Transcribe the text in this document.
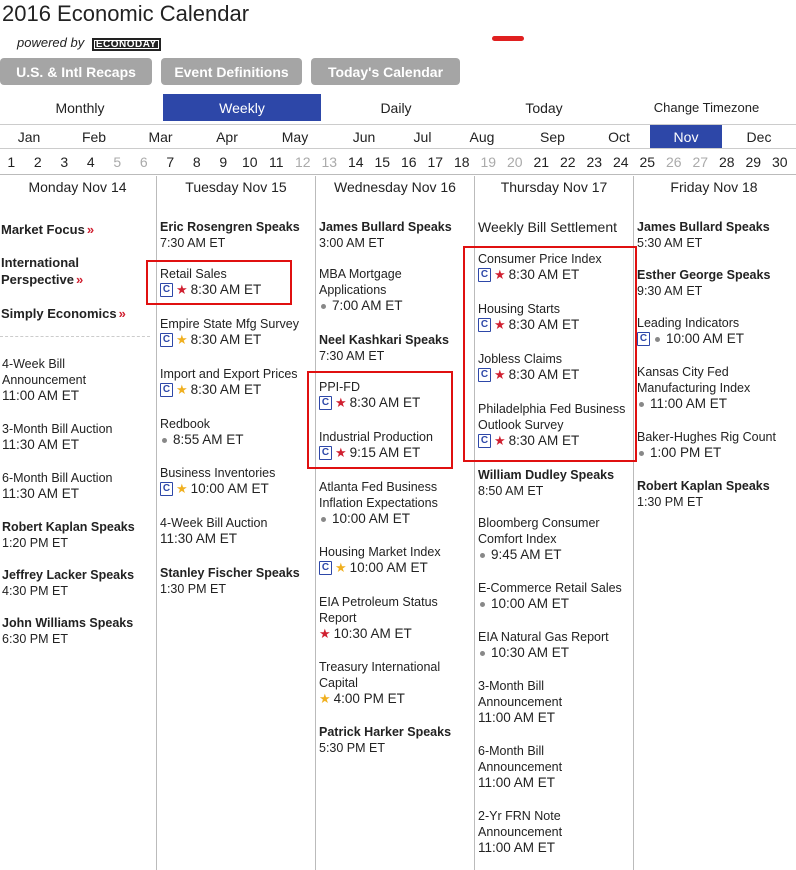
2016 Economic Calendar
powered by ECONODAY
U.S. & Intl Recaps	Event Definitions	Today's Calendar
Monthly	Weekly	Daily	Today	Change Timezone
Jan	Feb	Mar	Apr	May	Jun	Jul	Aug	Sep	Oct	Nov	Dec
1	2	3	4	5	6	7	8	9	10 11 12 13 14 15 16 17 18 19 20 21 22 23 24 25 26 27 28 29 30
Monday Nov 14
Market Focus »
International Perspective »
Simply Economics »
4-Week Bill Announcement
11:00 AM ET
3-Month Bill Auction
11:30 AM ET
6-Month Bill Auction
11:30 AM ET
Robert Kaplan Speaks
1:20 PM ET
Jeffrey Lacker Speaks
4:30 PM ET
John Williams Speaks
6:30 PM ET
Tuesday Nov 15
Eric Rosengren Speaks
7:30 AM ET
Retail Sales
C ★ 8:30 AM ET
Empire State Mfg Survey
C ★ 8:30 AM ET
Import and Export Prices
C ★ 8:30 AM ET
Redbook
8:55 AM ET
Business Inventories
C ★ 10:00 AM ET
4-Week Bill Auction
11:30 AM ET
Stanley Fischer Speaks
1:30 PM ET
Wednesday Nov 16
James Bullard Speaks
3:00 AM ET
MBA Mortgage Applications
7:00 AM ET
Neel Kashkari Speaks
7:30 AM ET
PPI-FD
C ★ 8:30 AM ET
Industrial Production
C ★ 9:15 AM ET
Atlanta Fed Business Inflation Expectations
10:00 AM ET
Housing Market Index
C ★ 10:00 AM ET
EIA Petroleum Status Report
★ 10:30 AM ET
Treasury International Capital
★ 4:00 PM ET
Patrick Harker Speaks
5:30 PM ET
Thursday Nov 17
Weekly Bill Settlement
Consumer Price Index
C ★ 8:30 AM ET
Housing Starts
C ★ 8:30 AM ET
Jobless Claims
C ★ 8:30 AM ET
Philadelphia Fed Business Outlook Survey
C ★ 8:30 AM ET
William Dudley Speaks
8:50 AM ET
Bloomberg Consumer Comfort Index
9:45 AM ET
E-Commerce Retail Sales
10:00 AM ET
EIA Natural Gas Report
10:30 AM ET
3-Month Bill Announcement
11:00 AM ET
6-Month Bill Announcement
11:00 AM ET
2-Yr FRN Note Announcement
11:00 AM ET
Friday Nov 18
James Bullard Speaks
5:30 AM ET
Esther George Speaks
9:30 AM ET
Leading Indicators
C 10:00 AM ET
Kansas City Fed Manufacturing Index
11:00 AM ET
Baker-Hughes Rig Count
1:00 PM ET
Robert Kaplan Speaks
1:30 PM ET
